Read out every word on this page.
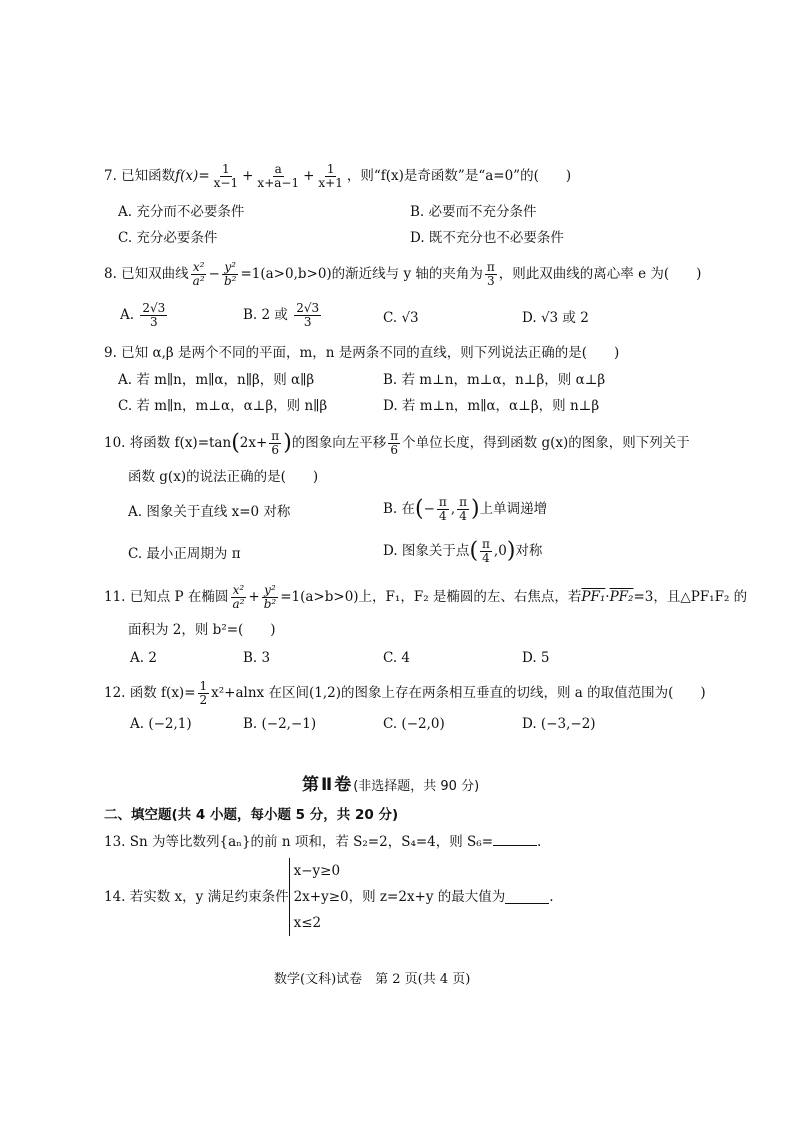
7. 已知函数$f(x)= \frac{1}{x-1} + \frac{a}{x+a-1} + \frac{1}{x+1}$ ，则“f(x)是奇函数”是“a=0”的(　　)
A. 充分而不必要条件	B. 必要而不充分条件
C. 充分必要条件	D. 既不充分也不必要条件
8. 已知双曲线 $\frac{\text{x²}}{\text{a²}} - \frac{\text{y²}}{\text{b²}} =1(a>0,b>0)$的渐近线与 y 轴的夹角为 $\frac{\pi}{3}$ ，则此双曲线的离心率 e 为(　　)
A. $\frac{2√3}{3}$	B. 2 或 $\frac{2√3}{3}$	C. √3	D. √3 或 2
9. 已知 α,β 是两个不同的平面，m，n 是两条不同的直线，则下列说法正确的是(　　)
A. 若 m∥n，m∥α，n∥β，则 α∥β	B. 若 m⊥n，m⊥α，n⊥β，则 α⊥β
C. 若 m∥n，m⊥α，α⊥β，则 n∥β	D. 若 m⊥n，m∥α，α⊥β，则 n⊥β
10. 将函数 $f(x)=\tan(2x+ \frac{\pi}{6}$ )的图象向左平移 $\frac{\pi}{6}$ 个单位长度，得到函数 g(x)的图象，则下列关于
函数 g(x)的说法正确的是(　　)
A. 图象关于直线 x=0 对称	B. 在(− $\frac{\pi}{4}$ , $\frac{\pi}{4}$ )上单调递增
C. 最小正周期为 π	D. 图象关于点( $\frac{\pi}{4} ,0$)对称
11. 已知点 P 在椭圆 $\frac{\text{x²}}{\text{a²}} + \frac{\text{y²}}{\text{b²}} =1(a>b>0)$上，F₁，F₂ 是椭圆的左、右焦点，若PF₁·PF₂=3，且△PF₁F₂ 的
面积为 2，则 b²=(　　)
A. 2	B. 3	C. 4	D. 5
12. 函数 $f(x)= \frac{1}{2} x^2+alnx$ 在区间(1,2)的图象上存在两条相互垂直的切线，则 a 的取值范围为(　　)
A. (−2,1)	B. (−2,−1)	C. (−2,0)	D. (−3,−2)
第Ⅱ卷(非选择题，共 90 分)
二、填空题(共 4 小题，每小题 5 分，共 20 分)
13. Sn 为等比数列{aₙ}的前 n 项和，若 S₂=2，S₄=4，则 S₆=	.
14. 若实数 x，y 满足约束条件x−y≥0
2x+y≥0
x≤2，则 z=2x+y 的最大值为	.
数学(文科)试卷　第 2 页(共 4 页)
